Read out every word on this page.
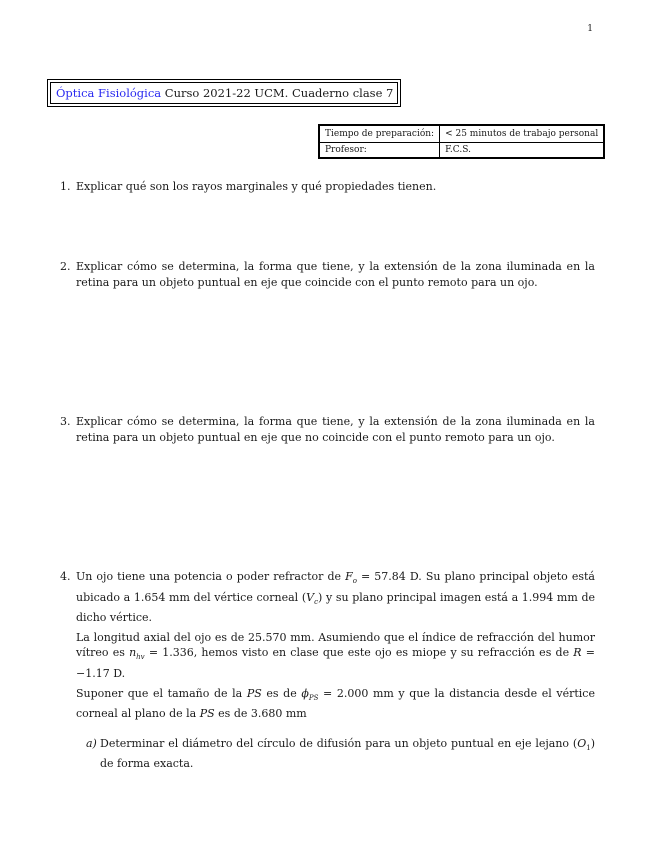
1
Óptica Fisiológica Curso 2021-22 UCM. Cuaderno clase 7
Tiempo de preparación:	< 25 minutos de trabajo personal
Profesor:	F.C.S.
1. Explicar qué son los rayos marginales y qué propiedades tienen.

2. Explicar cómo se determina, la forma que tiene, y la extensión de la zona iluminada en la retina para un objeto puntual en eje que coincide con el punto remoto para un ojo.

3. Explicar cómo se determina, la forma que tiene, y la extensión de la zona iluminada en la retina para un objeto puntual en eje que no coincide con el punto remoto para un ojo.

4. Un ojo tiene una potencia o poder refractor de $F_o = 57.84$ D. Su plano principal objeto está ubicado a 1.654 mm del vértice corneal $(V_c)$ y su plano principal imagen está a 1.994 mm de dicho vértice.

La longitud axial del ojo es de 25.570 mm. Asumiendo que el índice de refracción del humor vítreo es $n_{hv} = 1.336$, hemos visto en clase que este ojo es miope y su refracción es de R = −1.17 D.

Suponer que el tamaño de la PS es de $\phi_{PS} = 2.000$ mm y que la distancia desde el vértice corneal al plano de la PS es de 3.680 mm

a) Determinar el diámetro del círculo de difusión para un objeto puntual en eje lejano $(O_1)$ de forma exacta.
